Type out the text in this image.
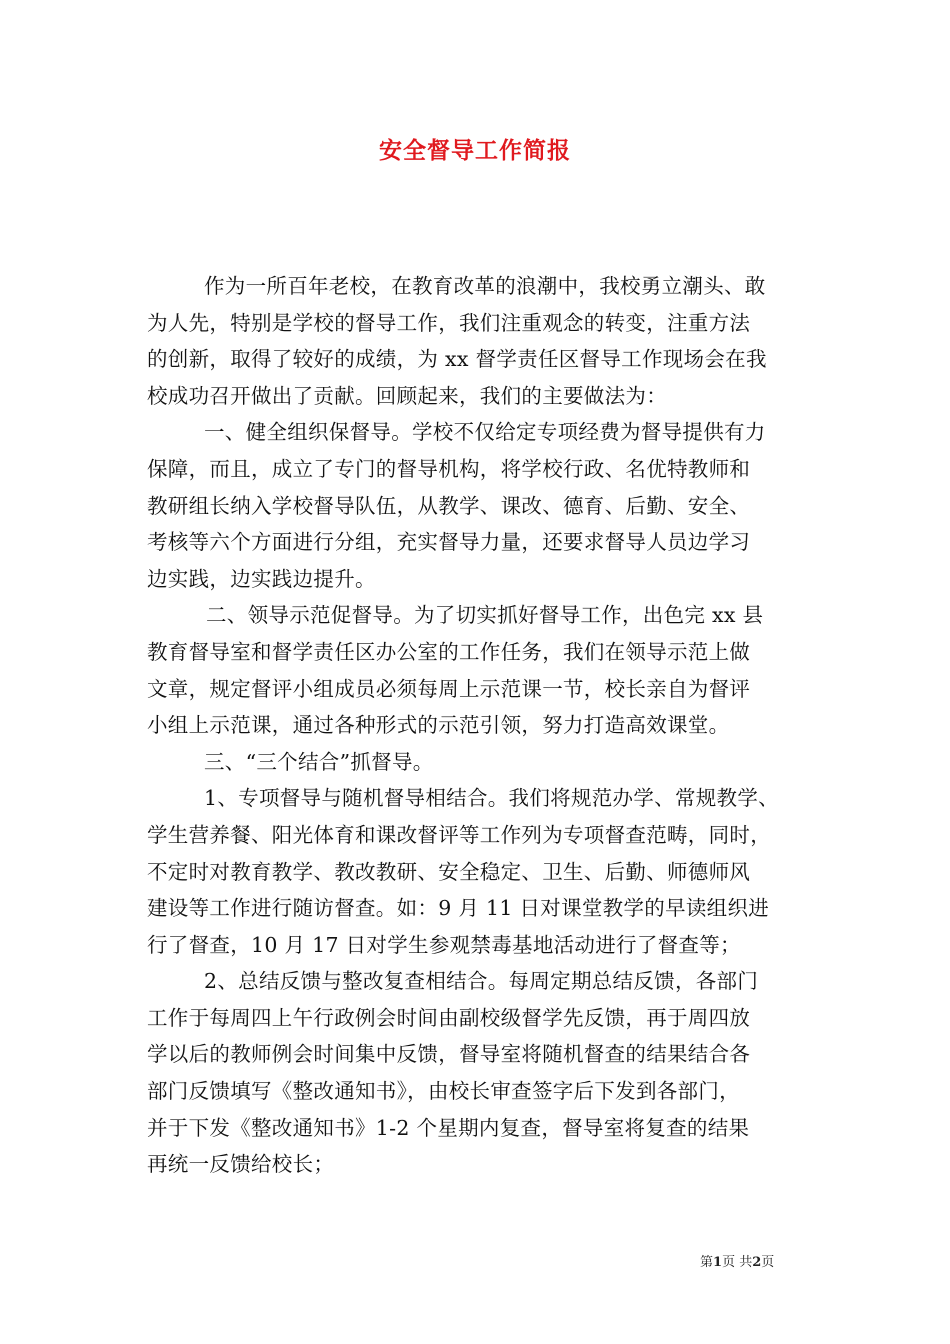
安全督导工作简报
作为一所百年老校，在教育改革的浪潮中，我校勇立潮头、敢
为人先，特别是学校的督导工作，我们注重观念的转变，注重方法
的创新，取得了较好的成绩，为 xx 督学责任区督导工作现场会在我
校成功召开做出了贡献。回顾起来，我们的主要做法为：
一、健全组织保督导。学校不仅给定专项经费为督导提供有力
保障，而且，成立了专门的督导机构，将学校行政、名优特教师和
教研组长纳入学校督导队伍，从教学、课改、德育、后勤、安全、
考核等六个方面进行分组，充实督导力量，还要求督导人员边学习
边实践，边实践边提升。
二、领导示范促督导。为了切实抓好督导工作，出色完 xx 县
教育督导室和督学责任区办公室的工作任务，我们在领导示范上做
文章，规定督评小组成员必须每周上示范课一节，校长亲自为督评
小组上示范课，通过各种形式的示范引领，努力打造高效课堂。
三、“三个结合”抓督导。
1、专项督导与随机督导相结合。我们将规范办学、常规教学、
学生营养餐、阳光体育和课改督评等工作列为专项督查范畴，同时，
不定时对教育教学、教改教研、安全稳定、卫生、后勤、师德师风
建设等工作进行随访督查。如：9 月 11 日对课堂教学的早读组织进
行了督查，10 月 17 日对学生参观禁毒基地活动进行了督查等；
2、总结反馈与整改复查相结合。每周定期总结反馈，各部门
工作于每周四上午行政例会时间由副校级督学先反馈，再于周四放
学以后的教师例会时间集中反馈，督导室将随机督查的结果结合各
部门反馈填写《整改通知书》，由校长审查签字后下发到各部门，
并于下发《整改通知书》1-2 个星期内复查，督导室将复查的结果
再统一反馈给校长；
第1页 共2页
